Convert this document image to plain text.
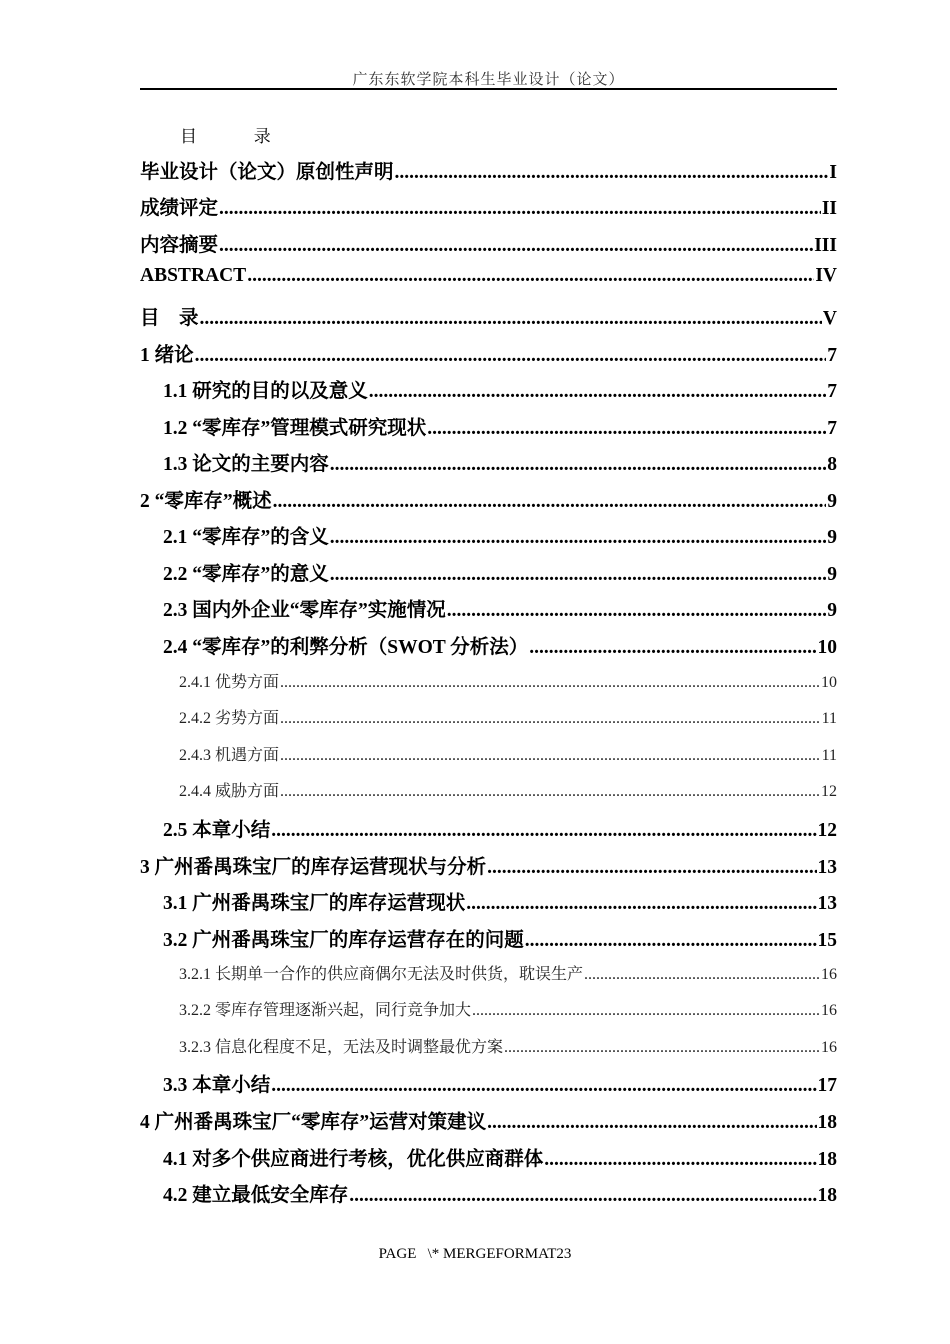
广东东软学院本科生毕业设计（论文）
目   录
毕业设计（论文）原创性声明 .....	I
成绩评定 .....	II
内容摘要 .....	III
ABSTRACT .....	IV
目    录 .....	V
1 绪论 .....	7
1.1 研究的目的以及意义 .....	7
1.2 “零库存”管理模式研究现状 .....	7
1.3 论文的主要内容 .....	8
2 “零库存”概述 .....	9
2.1 “零库存”的含义 .....	9
2.2 “零库存”的意义 .....	9
2.3 国内外企业“零库存”实施情况 .....	9
2.4 “零库存”的利弊分析（SWOT 分析法） .....	10
2.4.1 优势方面 .....	10
2.4.2 劣势方面 .....	11
2.4.3 机遇方面 .....	11
2.4.4 威胁方面 .....	12
2.5 本章小结 .....	12
3 广州番禺珠宝厂的库存运营现状与分析 .....	13
3.1 广州番禺珠宝厂的库存运营现状 .....	13
3.2 广州番禺珠宝厂的库存运营存在的问题 .....	15
3.2.1 长期单一合作的供应商偶尔无法及时供货，耽误生产 .....	16
3.2.2 零库存管理逐渐兴起，同行竞争加大 .....	16
3.2.3 信息化程度不足，无法及时调整最优方案 .....	16
3.3 本章小结 .....	17
4 广州番禺珠宝厂“零库存”运营对策建议 .....	18
4.1 对多个供应商进行考核，优化供应商群体 .....	18
4.2 建立最低安全库存 .....	18
PAGE   \* MERGEFORMAT23
